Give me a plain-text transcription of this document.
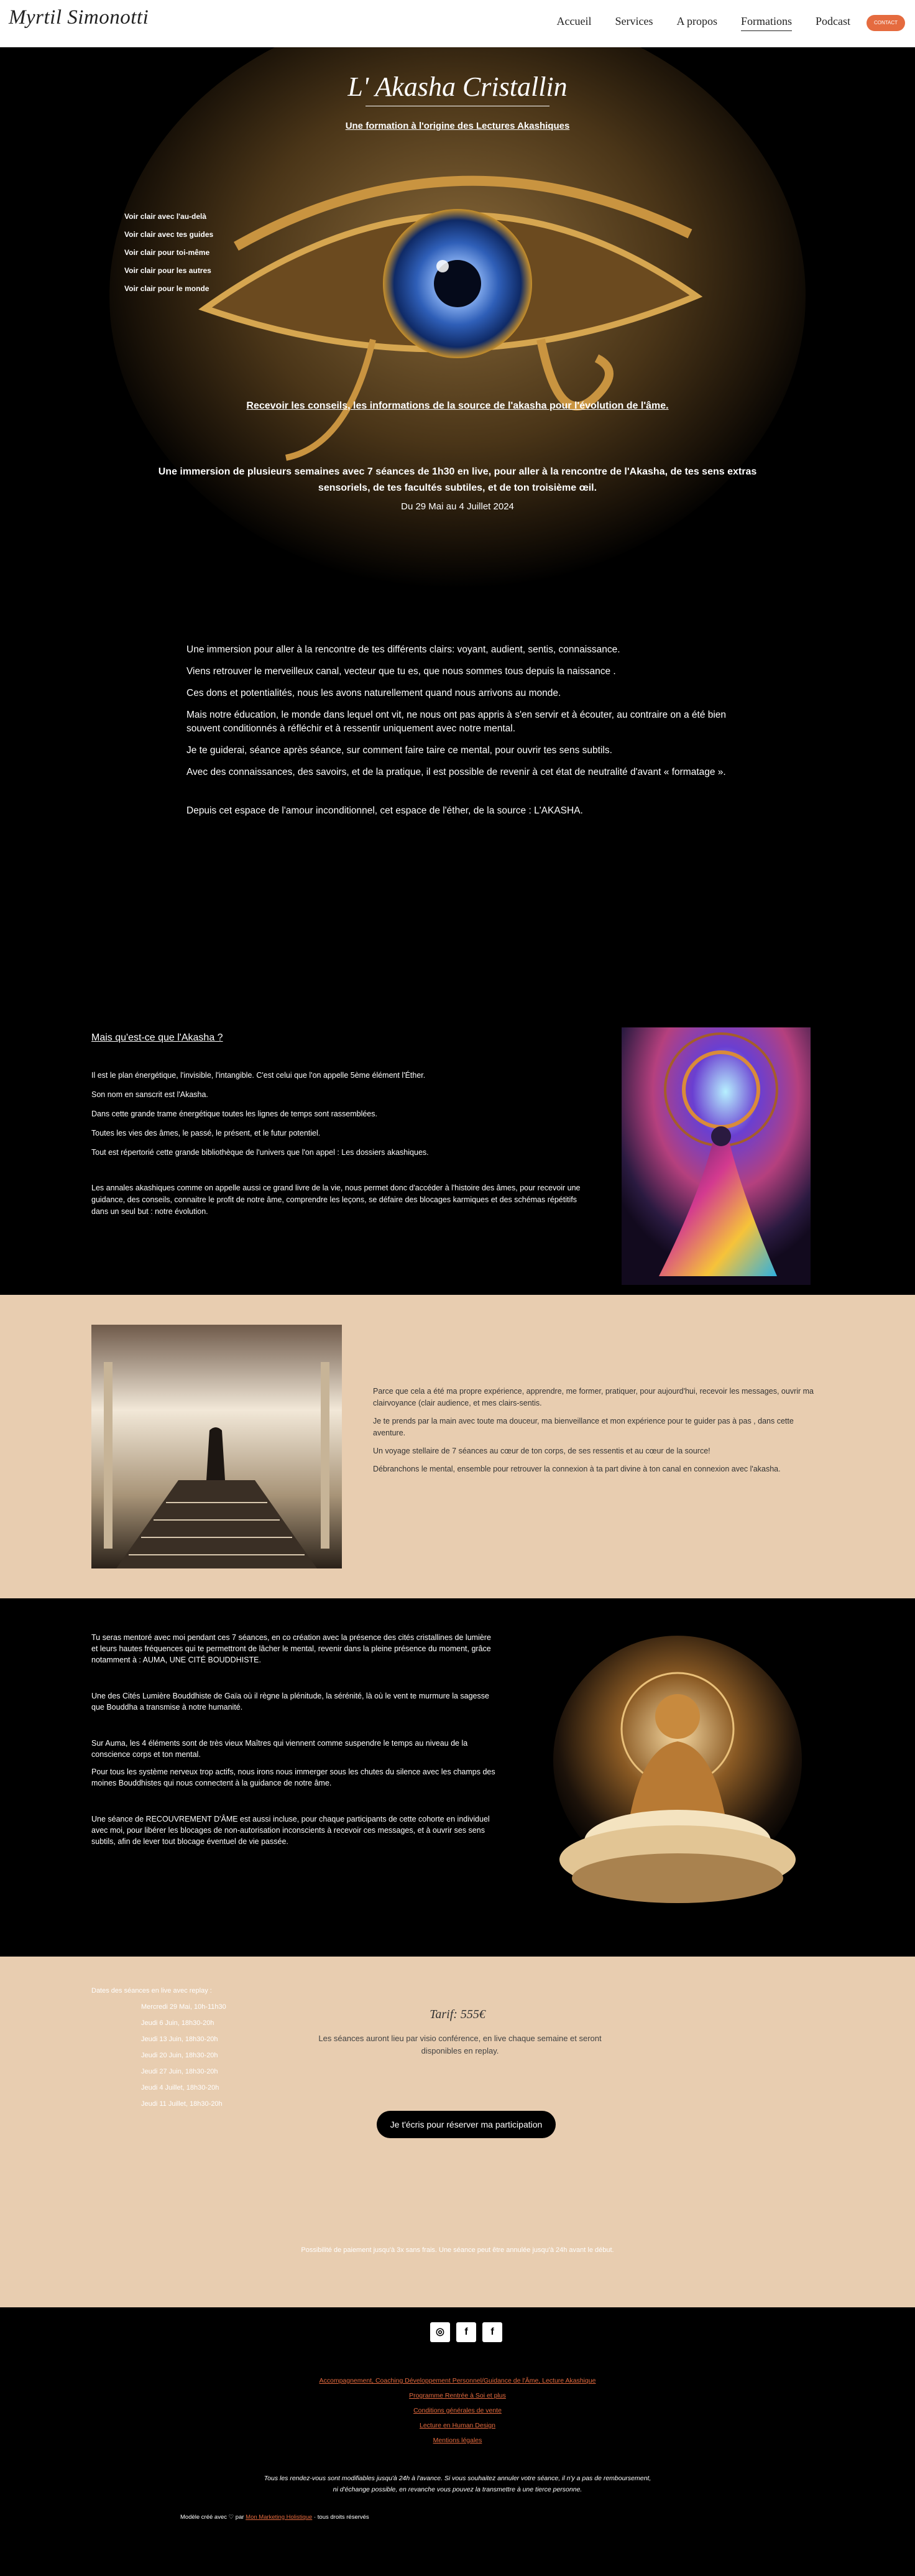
Myrtil Simonotti	Accueil Services A propos Formations Podcast	CONTACT
L' Akasha Cristallin
Une formation à l'origine des Lectures Akashiques
Voir clair avec l'au-delà
Voir clair avec tes guides
Voir clair pour toi-même
Voir clair pour les autres
Voir clair pour le monde
Recevoir les conseils, les informations de la source de l'akasha pour l'évolution de l'âme.
Une immersion de plusieurs semaines avec 7 séances de 1h30 en live, pour aller à la rencontre de l'Akasha, de tes sens extras sensoriels, de tes facultés subtiles, et de ton troisième œil.
Du 29 Mai au 4 Juillet 2024

Une immersion pour aller à la rencontre de tes différents clairs: voyant, audient, sentis, connaissance.

Viens retrouver le merveilleux canal, vecteur que tu es, que nous sommes tous depuis la naissance .

Ces dons et potentialités, nous les avons naturellement quand nous arrivons au monde.

Mais notre éducation, le monde dans lequel ont vit, ne nous ont pas appris à s'en servir et à écouter, au contraire on a été bien souvent conditionnés à réfléchir et à ressentir uniquement avec notre mental.

Je te guiderai, séance après séance, sur comment faire taire ce mental, pour ouvrir tes sens subtils.

Avec des connaissances, des savoirs, et de la pratique, il est possible de revenir à cet état de neutralité d'avant « formatage ».

Depuis cet espace de l'amour inconditionnel, cet espace de l'éther, de la source : L'AKASHA.

Mais qu'est-ce que l'Akasha ?

Il est le plan énergétique, l'invisible, l'intangible. C'est celui que l'on appelle 5ème élément l'Éther.

Son nom en sanscrit est l'Akasha.

Dans cette grande trame énergétique toutes les lignes de temps sont rassemblées.

Toutes les vies des âmes, le passé, le présent, et le futur potentiel.

Tout est répertorié cette grande bibliothèque de l'univers que l'on appel : Les dossiers akashiques.

Les annales akashiques comme on appelle aussi ce grand livre de la vie, nous permet donc d'accéder à l'histoire des âmes, pour recevoir une guidance, des conseils, connaitre le profit de notre âme, comprendre les leçons, se défaire des blocages karmiques et des schémas répétitifs dans un seul but : notre évolution.

Parce que cela a été ma propre expérience, apprendre, me former, pratiquer, pour aujourd'hui, recevoir les messages, ouvrir ma clairvoyance (clair audience, et mes clairs-sentis.

Je te prends par la main avec toute ma douceur, ma bienveillance et mon expérience pour te guider pas à pas , dans cette aventure.

Un voyage stellaire de 7 séances au cœur de ton corps, de ses ressentis et au cœur de la source!

Débranchons le mental, ensemble pour retrouver la connexion à ta part divine à ton canal en connexion avec l'akasha.

Tu seras mentoré avec moi pendant ces 7 séances, en co création avec la présence des cités cristallines de lumière et leurs hautes fréquences qui te permettront de lâcher le mental, revenir dans la pleine présence du moment, grâce notamment à : AUMA, UNE CITÉ BOUDDHISTE.

Une des Cités Lumière Bouddhiste de Gaïa où il règne la plénitude, la sérénité, là où le vent te murmure la sagesse que Bouddha a transmise à notre humanité.

Sur Auma, les 4 éléments sont de très vieux Maîtres qui viennent comme suspendre le temps au niveau de la conscience corps et ton mental.

Pour tous les système nerveux trop actifs, nous irons nous immerger sous les chutes du silence avec les champs des moines Bouddhistes qui nous connectent à la guidance de notre âme.

Une séance de RECOUVREMENT D'ÂME est aussi incluse, pour chaque participants de cette cohorte en individuel avec moi, pour libérer les blocages de non-autorisation inconscients à recevoir ces messages, et à ouvrir ses sens subtils, afin de lever tout blocage éventuel de vie passée.

Dates des séances en live avec replay :
Mercredi 29 Mai, 10h-11h30
Jeudi 6 Juin, 18h30-20h
Jeudi 13 Juin, 18h30-20h
Jeudi 20 Juin, 18h30-20h
Jeudi 27 Juin, 18h30-20h
Jeudi 4 Juillet, 18h30-20h
Jeudi 11 Juillet, 18h30-20h
Tarif: 555€
Les séances auront lieu par visio conférence, en live chaque semaine et seront disponibles en replay.
Je t'écris pour réserver ma participation
Possibilité de paiement jusqu'à 3x sans frais. Une séance peut être annulée jusqu'à 24h avant le début.
◎	f	f
Accompagnement, Coaching Développement Personnel/Guidance de l'Âme, Lecture Akashique
Programme Rentrée à Soi et plus
Conditions générales de vente
Lecture en Human Design
Mentions légales
Tous les rendez-vous sont modifiables jusqu'à 24h à l'avance. Si vous souhaitez annuler votre séance, il n'y a pas de remboursement, ni d'échange possible, en revanche vous pouvez la transmettre à une tierce personne.
Modèle créé avec ♡ par Mon Marketing Holistique · tous droits réservés
